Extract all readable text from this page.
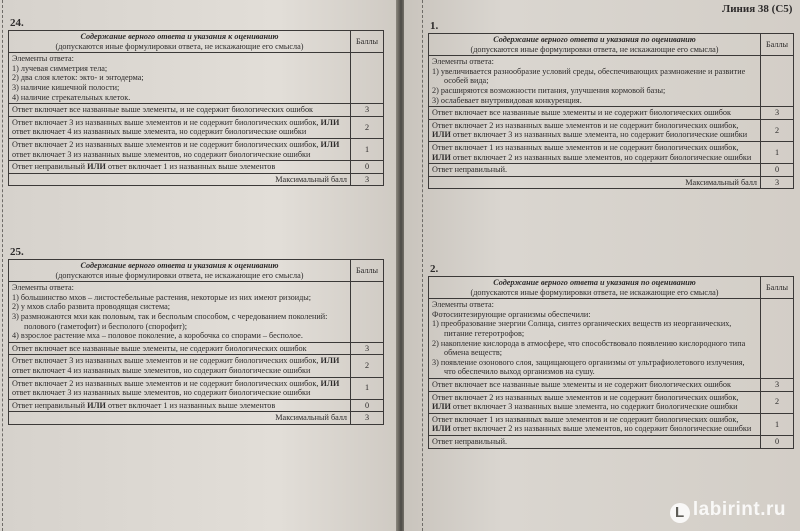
24.
Содержание верного ответа и указания к оцениванию
(допускаются иные формулировки ответа, не искажающие его смысла)	Баллы
Элементы ответа:
1) лучевая симметрия тела;
2) два слоя клеток: экто- и энтодерма;
3) наличие кишечной полости;
4) наличие стрекательных клеток.	

Ответ включает все названные выше элементы, и не содержит биологических ошибок	3
Ответ включает 3 из названных выше элементов и не содержит биологических ошибок, ИЛИ ответ включает 4 из названных выше элемента, но содержит биологические ошибки	2
Ответ включает 2 из названных выше элементов и не содержит биологических ошибок, ИЛИ ответ включает 3 из названных выше элементов, но содержит биологические ошибки	1
Ответ неправильный ИЛИ ответ включает 1 из названных выше элементов	0
Максимальный балл	3
25.
Содержание верного ответа и указания к оцениванию
(допускаются иные формулировки ответа, не искажающие его смысла)	Баллы
Элементы ответа:
1) большинство мхов – листостебельные растения, некоторые из них имеют ризоиды;
2) у мхов слабо развита проводящая система;
3) размножаются мхи как половым, так и бесполым способом, с чередованием поколений: полового (гаметофит) и бесполого (спорофит);
4) взрослое растение мха – половое поколение, а коробочка со спорами – бесполое.	

Ответ включает все названные выше элементы, не содержит биологических ошибок	3
Ответ включает 3 из названных выше элементов и не содержит биологических ошибок, ИЛИ ответ включает 4 из названных выше элементов, но содержит биологические ошибки	2
Ответ включает 2 из названных выше элементов и не содержит биологических ошибок, ИЛИ ответ включает 3 из названных выше элементов, но содержит биологические ошибки	1
Ответ неправильный ИЛИ ответ включает 1 из названных выше элементов	0
Максимальный балл	3
Линия 38 (С5)
1.
Содержание верного ответа и указания по оцениванию
(допускаются иные формулировки ответа, не искажающие его смысла)	Баллы
Элементы ответа:
1) увеличивается разнообразие условий среды, обеспечивающих размножение и развитие особей вида;
2) расширяются возможности питания, улучшения кормовой базы;
3) ослабевает внутривидовая конкуренция.	

Ответ включает все названные выше элементы и не содержит биологических ошибок	3
Ответ включает 2 из названных выше элементов и не содержит биологических ошибок, ИЛИ ответ включает 3 из названных выше элемента, но содержит биологические ошибки	2
Ответ включает 1 из названных выше элементов и не содержит биологических ошибок, ИЛИ ответ включает 2 из названных выше элементов, но содержит биологические ошибки	1
Ответ неправильный.	0
Максимальный балл	3
2.
Содержание верного ответа и указания по оцениванию
(допускаются иные формулировки ответа, не искажающие его смысла)	Баллы
Элементы ответа:
Фотосинтезирующие организмы обеспечили:
1) преобразование энергии Солнца, синтез органических веществ из неорганических, питание гетеротрофов;
2) накопление кислорода в атмосфере, что способствовало появлению кислородного типа обмена веществ;
3) появление озонового слоя, защищающего организмы от ультрафиолетового излучения, что обеспечило выход организмов на сушу.	

Ответ включает все названные выше элементы и не содержит биологических ошибок	3
Ответ включает 2 из названных выше элементов и не содержит биологических ошибок, ИЛИ ответ включает 3 названных выше элемента, но содержит биологические ошибки	2
Ответ включает 1 из названных выше элементов и не содержит биологических ошибок, ИЛИ ответ включает 2 из названных выше элементов, но содержит биологические ошибки	1
Ответ неправильный.	0
L labirint.ru
